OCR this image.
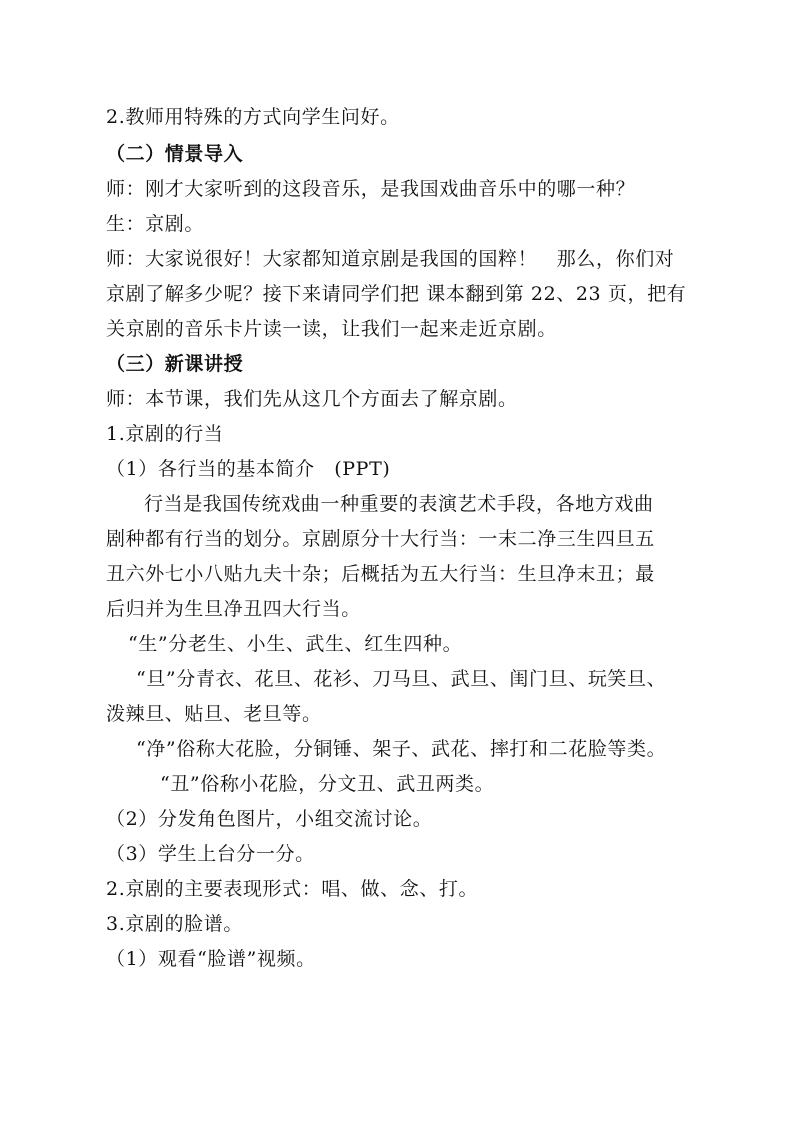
2.教师用特殊的方式向学生问好。
（二）情景导入
师：刚才大家听到的这段音乐，是我国戏曲音乐中的哪一种？
生：京剧。
师：大家说很好！大家都知道京剧是我国的国粹！　那么，你们对
京剧了解多少呢？接下来请同学们把 课本翻到第 22、23 页，把有
关京剧的音乐卡片读一读，让我们一起来走近京剧。
（三）新课讲授
师：本节课，我们先从这几个方面去了解京剧。
1.京剧的行当
（1）各行当的基本简介　(PPT)
行当是我国传统戏曲一种重要的表演艺术手段，各地方戏曲
剧种都有行当的划分。京剧原分十大行当：一末二净三生四旦五
丑六外七小八贴九夫十杂；后概括为五大行当：生旦净末丑；最
后归并为生旦净丑四大行当。
“生”分老生、小生、武生、红生四种。
“旦”分青衣、花旦、花衫、刀马旦、武旦、闺门旦、玩笑旦、
泼辣旦、贴旦、老旦等。
“净”俗称大花脸，分铜锤、架子、武花、摔打和二花脸等类。
“丑”俗称小花脸，分文丑、武丑两类。
（2）分发角色图片，小组交流讨论。
（3）学生上台分一分。
2.京剧的主要表现形式：唱、做、念、打。
3.京剧的脸谱。
（1）观看“脸谱”视频。
